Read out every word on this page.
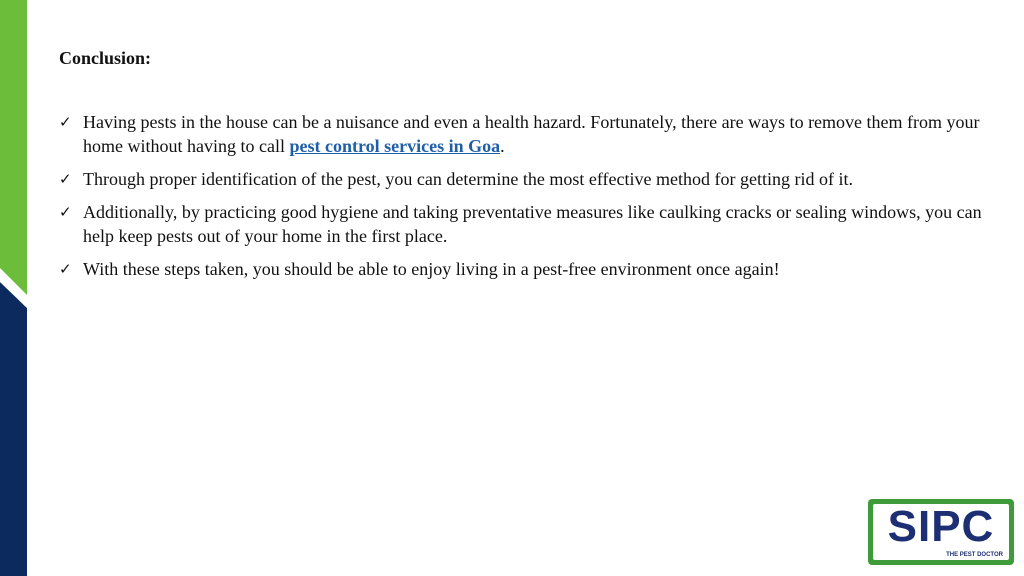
Conclusion:
✓ Having pests in the house can be a nuisance and even a health hazard. Fortunately, there are ways to remove them from your home without having to call pest control services in Goa.
✓ Through proper identification of the pest, you can determine the most effective method for getting rid of it.
✓ Additionally, by practicing good hygiene and taking preventative measures like caulking cracks or sealing windows, you can help keep pests out of your home in the first place.
✓ With these steps taken, you should be able to enjoy living in a pest-free environment once again!
SIPC
THE PEST DOCTOR
